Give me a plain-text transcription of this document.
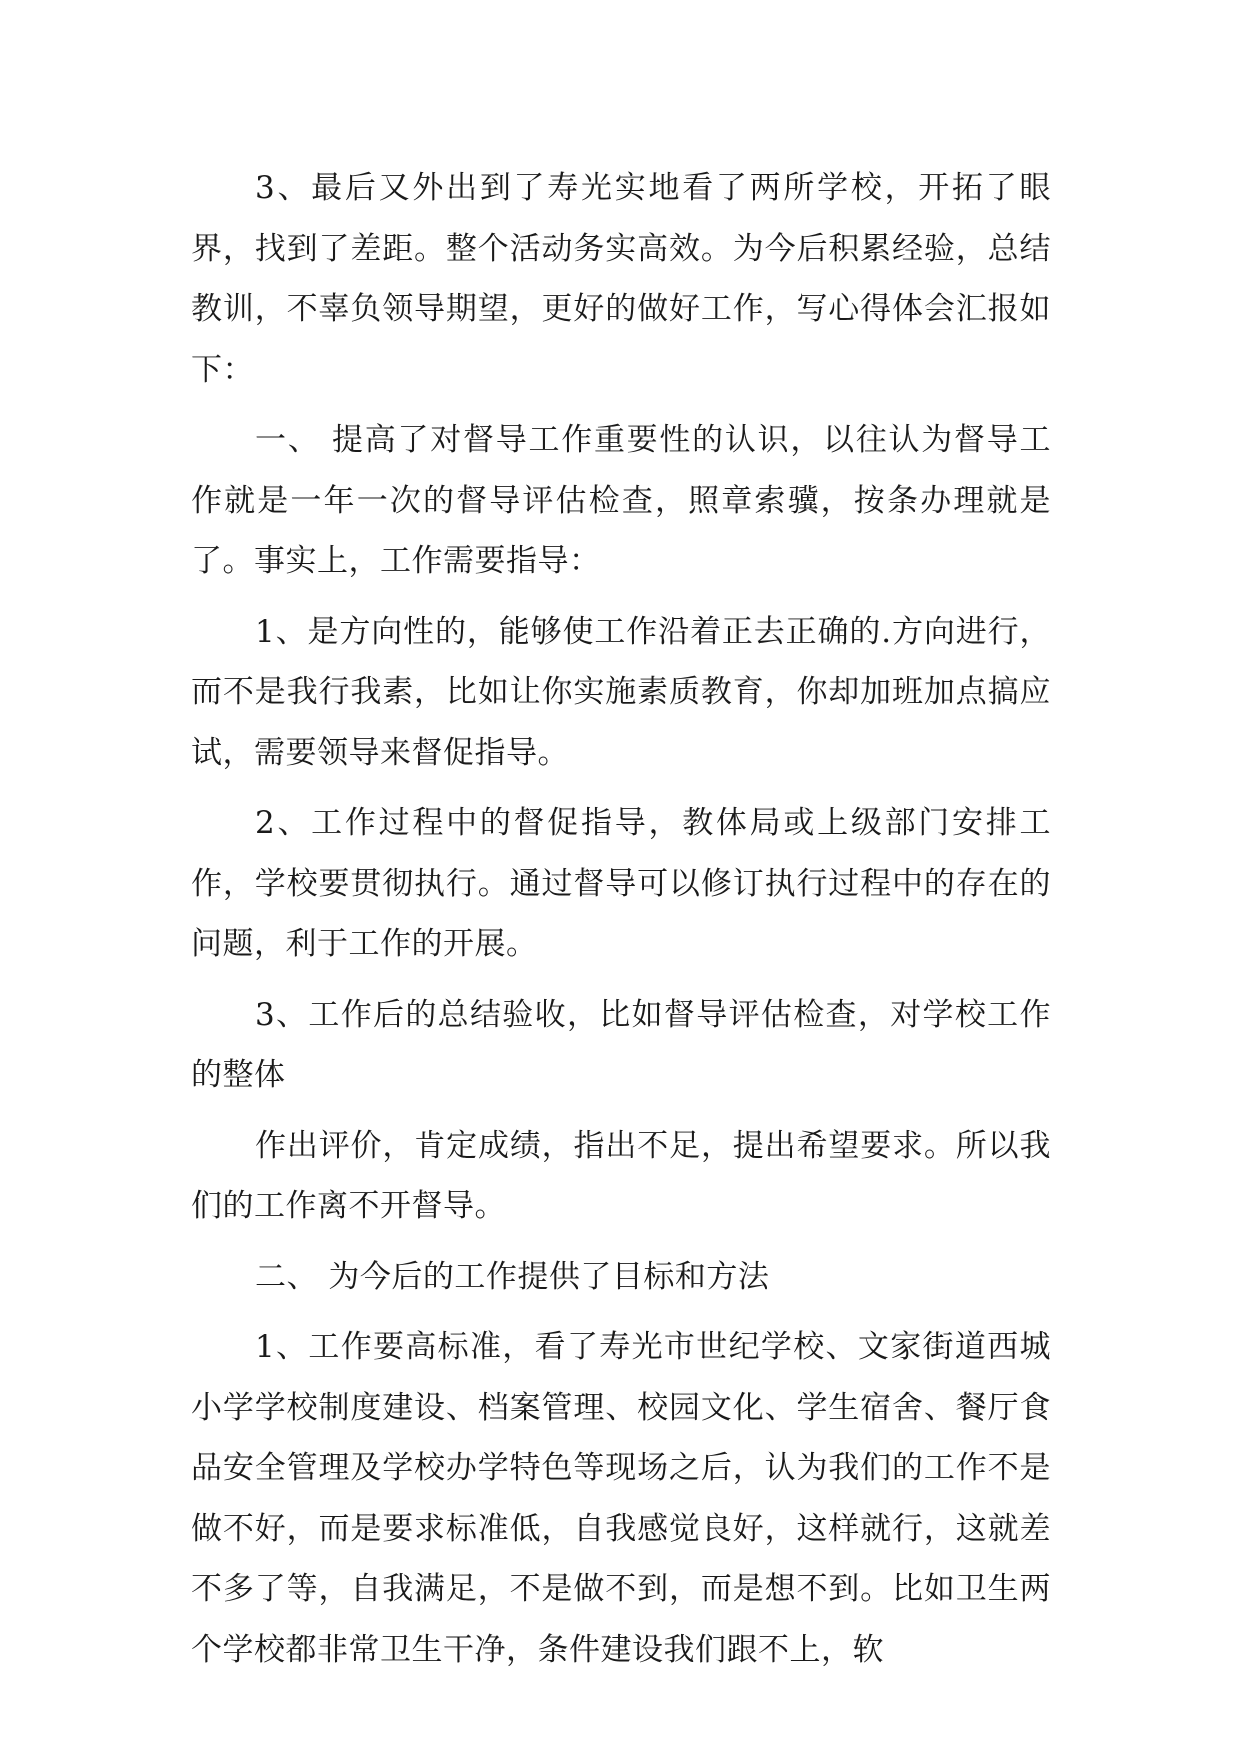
3、最后又外出到了寿光实地看了两所学校，开拓了眼界，找到了差距。整个活动务实高效。为今后积累经验，总结教训，不辜负领导期望，更好的做好工作，写心得体会汇报如下：

一、 提高了对督导工作重要性的认识，以往认为督导工作就是一年一次的督导评估检查，照章索骥，按条办理就是了。事实上，工作需要指导：

1、是方向性的，能够使工作沿着正去正确的.方向进行，而不是我行我素，比如让你实施素质教育，你却加班加点搞应试，需要领导来督促指导。

2、工作过程中的督促指导，教体局或上级部门安排工作，学校要贯彻执行。通过督导可以修订执行过程中的存在的问题，利于工作的开展。

3、工作后的总结验收，比如督导评估检查，对学校工作的整体

作出评价，肯定成绩，指出不足，提出希望要求。所以我们的工作离不开督导。

二、 为今后的工作提供了目标和方法

1、工作要高标准，看了寿光市世纪学校、文家街道西城小学学校制度建设、档案管理、校园文化、学生宿舍、餐厅食品安全管理及学校办学特色等现场之后，认为我们的工作不是做不好，而是要求标准低，自我感觉良好，这样就行，这就差不多了等，自我满足，不是做不到，而是想不到。比如卫生两个学校都非常卫生干净，条件建设我们跟不上，软
